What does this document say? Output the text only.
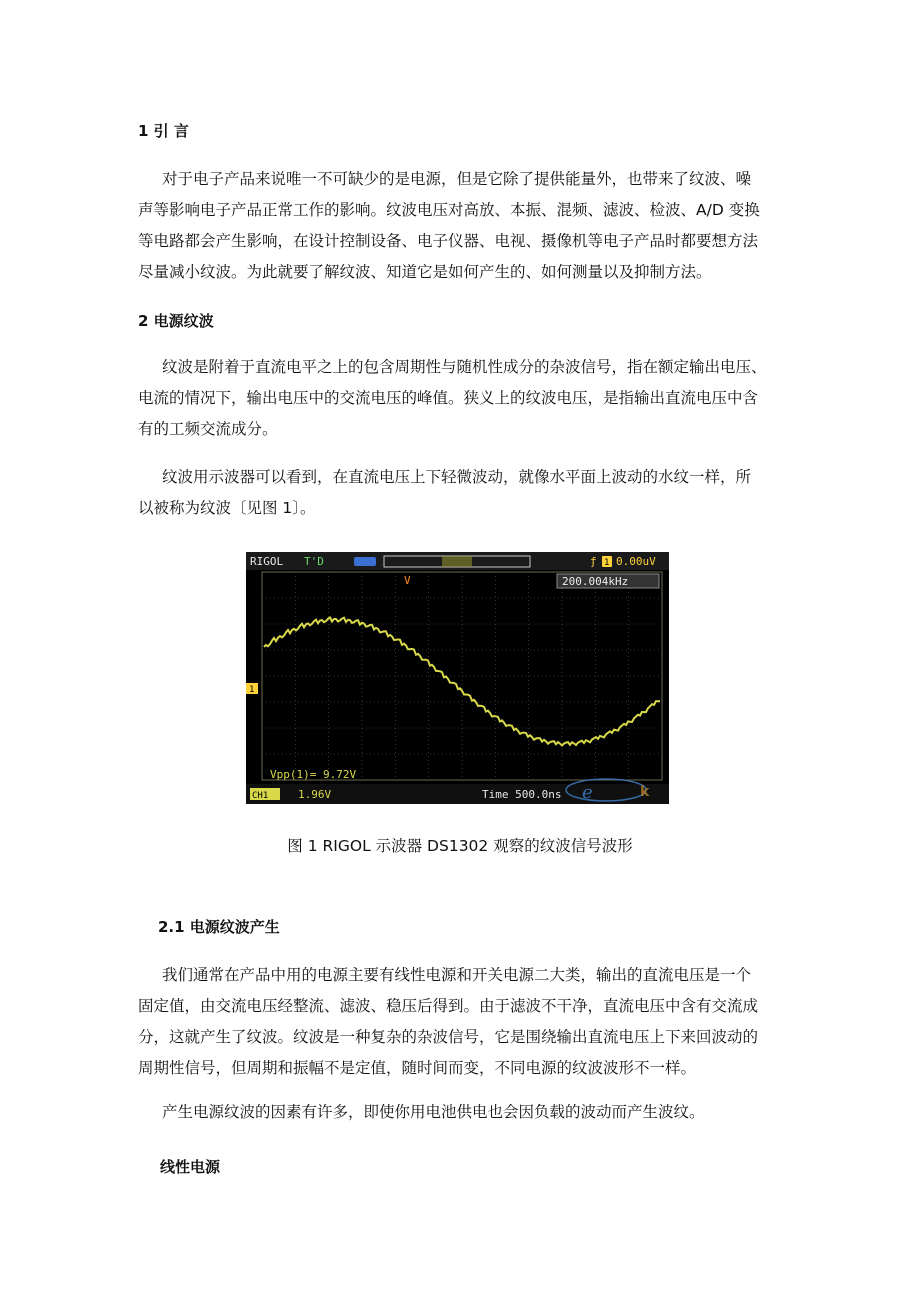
1 引 言
对于电子产品来说唯一不可缺少的是电源，但是它除了提供能量外，也带来了纹波、噪
声等影响电子产品正常工作的影响。纹波电压对高放、本振、混频、滤波、检波、A/D 变换
等电路都会产生影响，在设计控制设备、电子仪器、电视、摄像机等电子产品时都要想方法
尽量减小纹波。为此就要了解纹波、知道它是如何产生的、如何测量以及抑制方法。
2 电源纹波
纹波是附着于直流电平之上的包含周期性与随机性成分的杂波信号，指在额定输出电压、
电流的情况下，输出电压中的交流电压的峰值。狭义上的纹波电压，是指输出直流电压中含
有的工频交流成分。
纹波用示波器可以看到，在直流电压上下轻微波动，就像水平面上波动的水纹一样，所
以被称为纹波〔见图 1〕。
RIGOL T'D	ƒ 1 0.00uV
V
1
200.004kHz
Vpp(1)= 9.72V
CH1	1.96V	Time 500.0ns e	k
图 1 RIGOL 示波器 DS1302 观察的纹波信号波形
2.1 电源纹波产生
我们通常在产品中用的电源主要有线性电源和开关电源二大类，输出的直流电压是一个
固定值，由交流电压经整流、滤波、稳压后得到。由于滤波不干净，直流电压中含有交流成
分，这就产生了纹波。纹波是一种复杂的杂波信号，它是围绕输出直流电压上下来回波动的
周期性信号，但周期和振幅不是定值，随时间而变，不同电源的纹波波形不一样。
产生电源纹波的因素有许多，即使你用电池供电也会因负载的波动而产生波纹。
线性电源
